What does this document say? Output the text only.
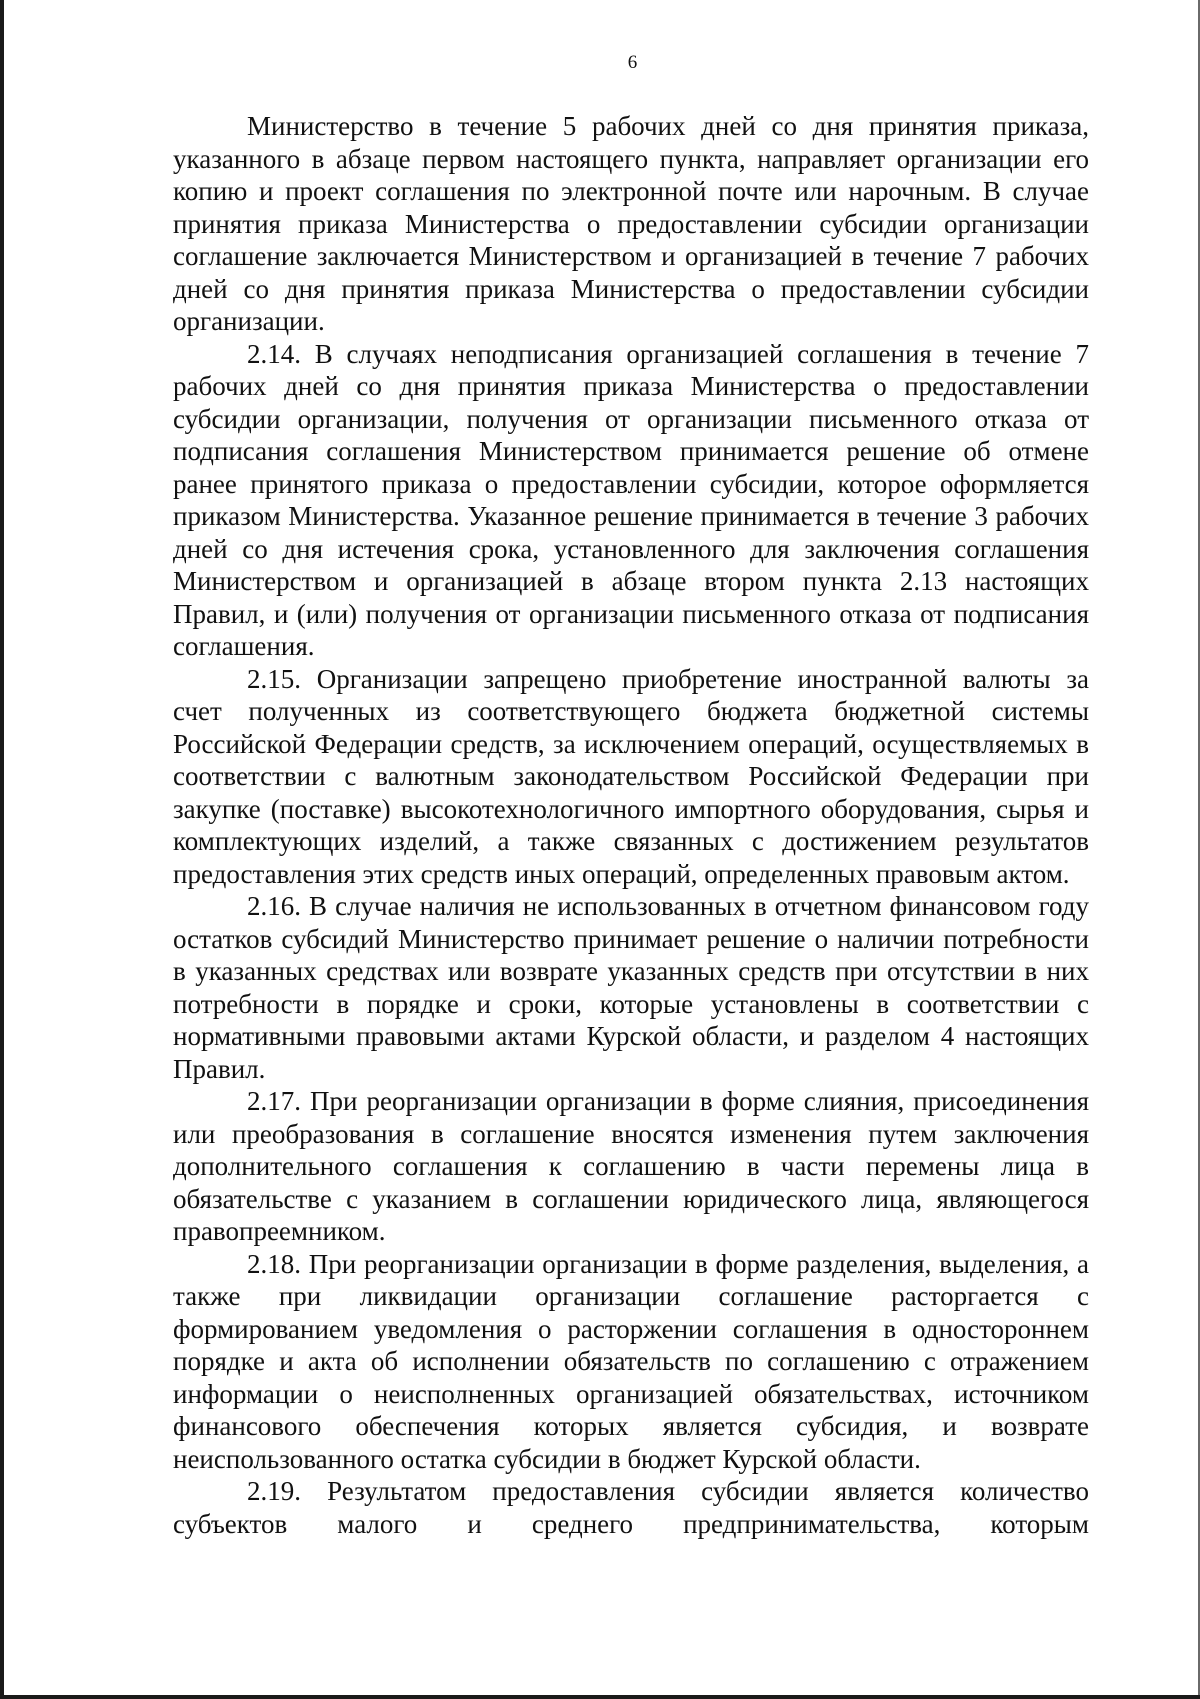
6

Министерство в течение 5 рабочих дней со дня принятия приказа, указанного в абзаце первом настоящего пункта, направляет организации его копию и проект соглашения по электронной почте или нарочным. В случае принятия приказа Министерства о предоставлении субсидии организации соглашение заключается Министерством и организацией в течение 7 рабочих дней со дня принятия приказа Министерства о предоставлении субсидии организации.

2.14. В случаях неподписания организацией соглашения в течение 7 рабочих дней со дня принятия приказа Министерства о предоставлении субсидии организации, получения от организации письменного отказа от подписания соглашения Министерством принимается решение об отмене ранее принятого приказа о предоставлении субсидии, которое оформляется приказом Министерства. Указанное решение принимается в течение 3 рабочих дней со дня истечения срока, установленного для заключения соглашения Министерством и организацией в абзаце втором пункта 2.13 настоящих Правил, и (или) получения от организации письменного отказа от подписания соглашения.

2.15. Организации запрещено приобретение иностранной валюты за счет полученных из соответствующего бюджета бюджетной системы Российской Федерации средств, за исключением операций, осуществляемых в соответствии с валютным законодательством Российской Федерации при закупке (поставке) высокотехнологичного импортного оборудования, сырья и комплектующих изделий, а также связанных с достижением результатов предоставления этих средств иных операций, определенных правовым актом.

2.16. В случае наличия не использованных в отчетном финансовом году остатков субсидий Министерство принимает решение о наличии потребности в указанных средствах или возврате указанных средств при отсутствии в них потребности в порядке и сроки, которые установлены в соответствии с нормативными правовыми актами Курской области, и разделом 4 настоящих Правил.

2.17. При реорганизации организации в форме слияния, присоединения или преобразования в соглашение вносятся изменения путем заключения дополнительного соглашения к соглашению в части перемены лица в обязательстве с указанием в соглашении юридического лица, являющегося правопреемником.

2.18. При реорганизации организации в форме разделения, выделения, а также при ликвидации организации соглашение расторгается с формированием уведомления о расторжении соглашения в одностороннем порядке и акта об исполнении обязательств по соглашению с отражением информации о неисполненных организацией обязательствах, источником финансового обеспечения которых является субсидия, и возврате неиспользованного остатка субсидии в бюджет Курской области.

2.19. Результатом предоставления субсидии является количество субъектов малого и среднего предпринимательства, которым
